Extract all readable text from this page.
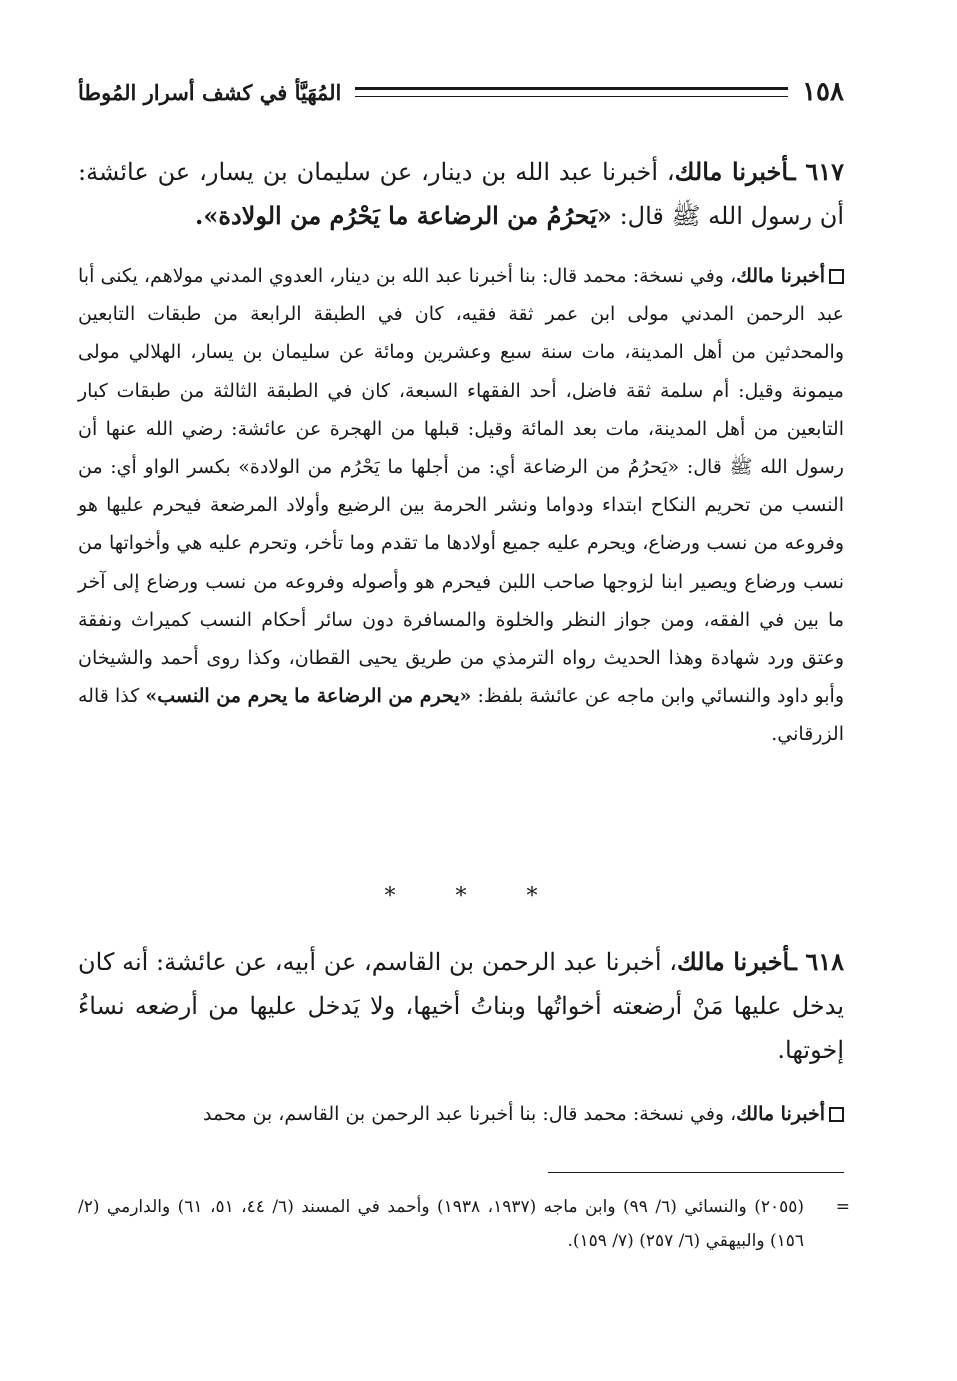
١٥٨
المُهَيَّأ في كشف أسرار المُوطأ
٦١٧ ـأخبرنا مالك، أخبرنا عبد الله بن دينار، عن سليمان بن يسار، عن عائشة: أن رسول الله ﷺ قال: «يَحرُمُ من الرضاعة ما يَحْرُم من الولادة».
أخبرنا مالك، وفي نسخة: محمد قال: بنا أخبرنا عبد الله بن دينار، العدوي المدني مولاهم، يكنى أبا عبد الرحمن المدني مولى ابن عمر ثقة فقيه، كان في الطبقة الرابعة من طبقات التابعين والمحدثين من أهل المدينة، مات سنة سبع وعشرين ومائة عن سليمان بن يسار، الهلالي مولى ميمونة وقيل: أم سلمة ثقة فاضل، أحد الفقهاء السبعة، كان في الطبقة الثالثة من طبقات كبار التابعين من أهل المدينة، مات بعد المائة وقيل: قبلها من الهجرة عن عائشة: رضي الله عنها أن رسول الله ﷺ قال: «يَحرُمُ من الرضاعة أي: من أجلها ما يَحْرُم من الولادة» بكسر الواو أي: من النسب من تحريم النكاح ابتداء ودواما ونشر الحرمة بين الرضيع وأولاد المرضعة فيحرم عليها هو وفروعه من نسب ورضاع، ويحرم عليه جميع أولادها ما تقدم وما تأخر، وتحرم عليه هي وأخواتها من نسب ورضاع ويصير ابنا لزوجها صاحب اللبن فيحرم هو وأصوله وفروعه من نسب ورضاع إلى آخر ما بين في الفقه، ومن جواز النظر والخلوة والمسافرة دون سائر أحكام النسب كميراث ونفقة وعتق ورد شهادة وهذا الحديث رواه الترمذي من طريق يحيى القطان، وكذا روى أحمد والشيخان وأبو داود والنسائي وابن ماجه عن عائشة بلفظ: «يحرم من الرضاعة ما يحرم من النسب» كذا قاله الزرقاني.
*	*	*
٦١٨ ـأخبرنا مالك، أخبرنا عبد الرحمن بن القاسم، عن أبيه، عن عائشة: أنه كان يدخل عليها مَنْ أرضعته أخواتُها وبناتُ أخيها، ولا يَدخل عليها من أرضعه نساءُ إخوتها.
أخبرنا مالك، وفي نسخة: محمد قال: بنا أخبرنا عبد الرحمن بن القاسم، بن محمد
=
(٢٠٥٥) والنسائي (٦/ ٩٩) وابن ماجه (١٩٣٧، ١٩٣٨) وأحمد في المسند (٦/ ٤٤، ٥١، ٦١) والدارمي (٢/ ١٥٦) والبيهقي (٦/ ٢٥٧) (٧/ ١٥٩).
